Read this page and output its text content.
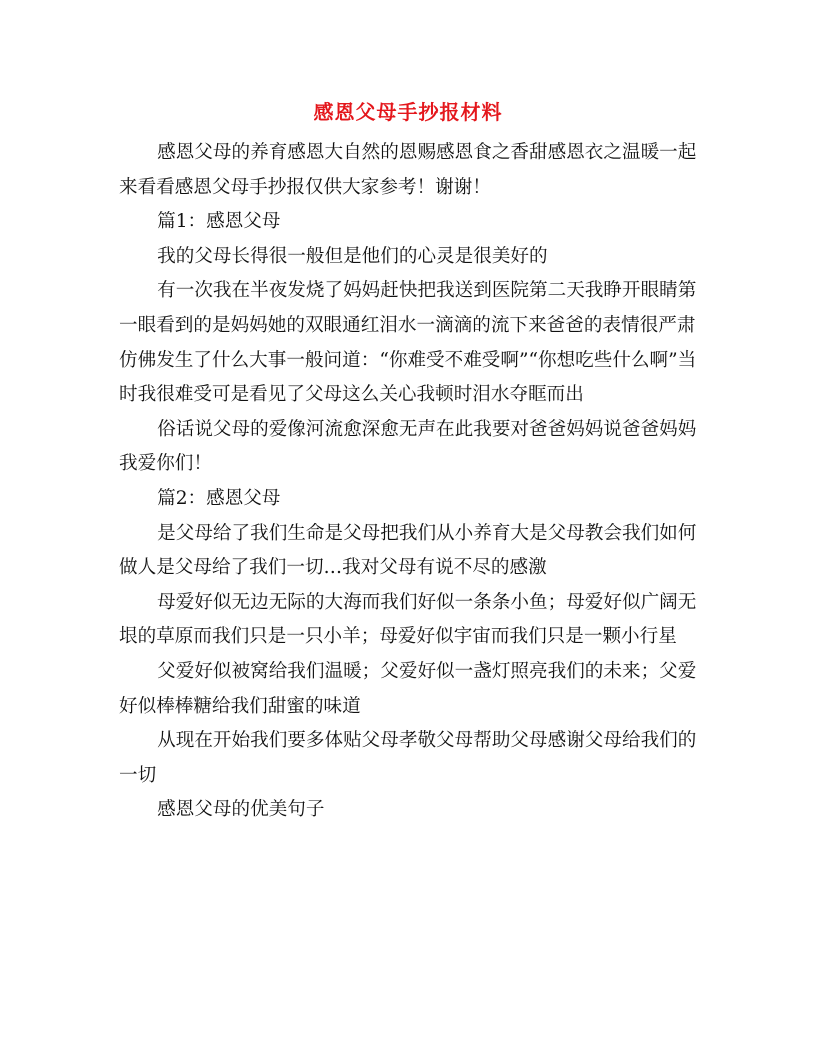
感恩父母手抄报材料

感恩父母的养育感恩大自然的恩赐感恩食之香甜感恩衣之温暖一起来看看感恩父母手抄报仅供大家参考！谢谢！

篇1：感恩父母

我的父母长得很一般但是他们的心灵是很美好的

有一次我在半夜发烧了妈妈赶快把我送到医院第二天我睁开眼睛第一眼看到的是妈妈她的双眼通红泪水一滴滴的流下来爸爸的表情很严肃仿佛发生了什么大事一般问道：“你难受不难受啊”“你想吃些什么啊”当时我很难受可是看见了父母这么关心我顿时泪水夺眶而出

俗话说父母的爱像河流愈深愈无声在此我要对爸爸妈妈说爸爸妈妈我爱你们！

篇2：感恩父母

是父母给了我们生命是父母把我们从小养育大是父母教会我们如何做人是父母给了我们一切…我对父母有说不尽的感激

母爱好似无边无际的大海而我们好似一条条小鱼；母爱好似广阔无垠的草原而我们只是一只小羊；母爱好似宇宙而我们只是一颗小行星

父爱好似被窝给我们温暖；父爱好似一盏灯照亮我们的未来；父爱好似棒棒糖给我们甜蜜的味道

从现在开始我们要多体贴父母孝敬父母帮助父母感谢父母给我们的一切

感恩父母的优美句子
